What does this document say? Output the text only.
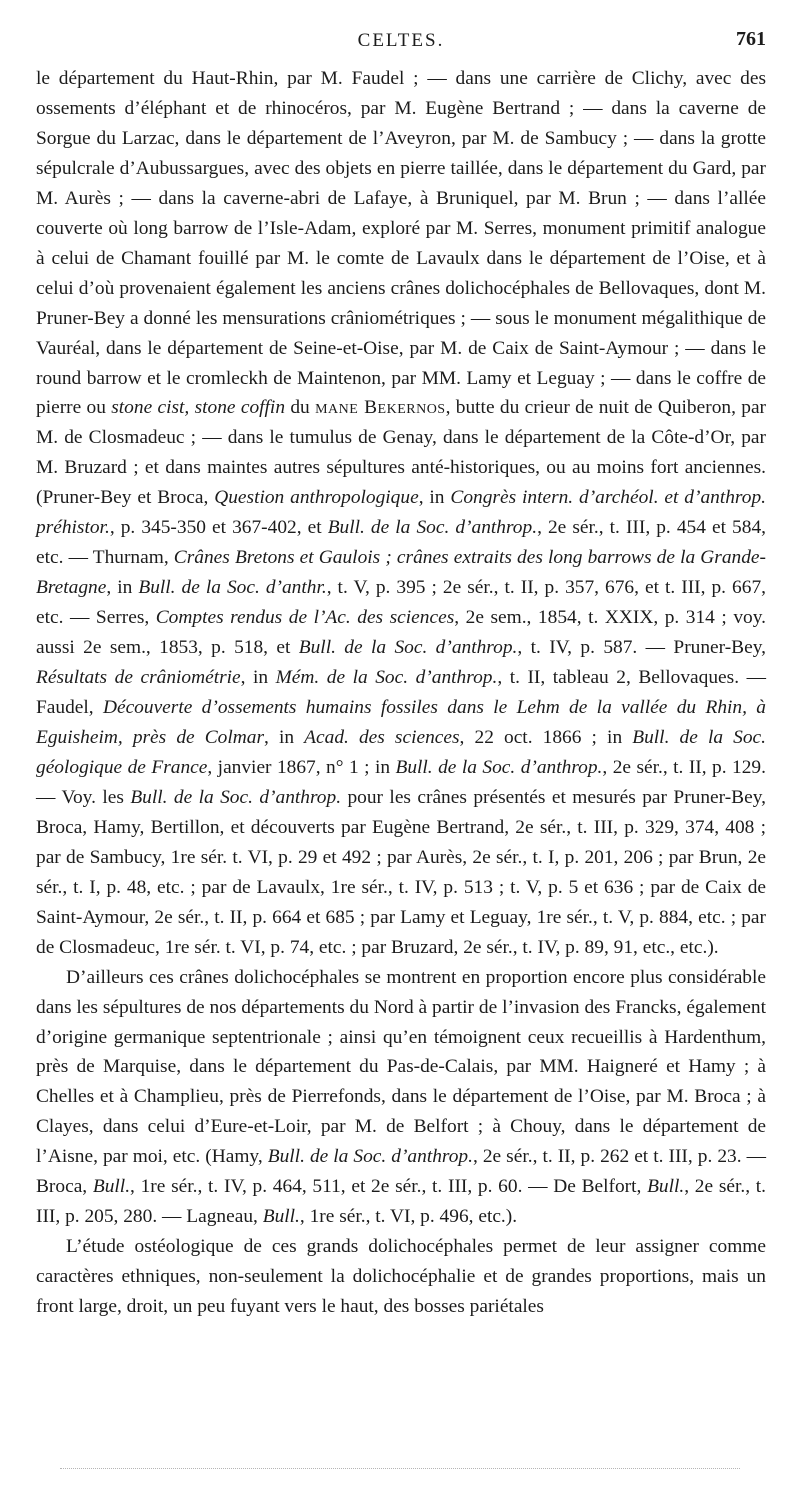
CELTES.	761

le département du Haut-Rhin, par M. Faudel ; — dans une carrière de Clichy, avec des ossements d’éléphant et de rhinocéros, par M. Eugène Bertrand ; — dans la caverne de Sorgue du Larzac, dans le département de l’Aveyron, par M. de Sambucy ; — dans la grotte sépulcrale d’Aubussargues, avec des objets en pierre taillée, dans le département du Gard, par M. Aurès ; — dans la caverne-abri de Lafaye, à Bruniquel, par M. Brun ; — dans l’allée couverte où long barrow de l’Isle-Adam, exploré par M. Serres, monument primitif analogue à celui de Chamant fouillé par M. le comte de Lavaulx dans le département de l’Oise, et à celui d’où provenaient également les anciens crânes dolichocéphales de Bellovaques, dont M. Pruner-Bey a donné les mensurations crâniométriques ; — sous le monument mégalithique de Vauréal, dans le département de Seine-et-Oise, par M. de Caix de Saint-Aymour ; — dans le round barrow et le cromleckh de Maintenon, par MM. Lamy et Leguay ; — dans le coffre de pierre ou stone cist, stone coffin du mane Bekernos, butte du crieur de nuit de Quiberon, par M. de Closmadeuc ; — dans le tumulus de Genay, dans le département de la Côte-d’Or, par M. Bruzard ; et dans maintes autres sépultures anté-historiques, ou au moins fort anciennes. (Pruner-Bey et Broca, Question anthropologique, in Congrès intern. d’archéol. et d’anthrop. préhistor., p. 345-350 et 367-402, et Bull. de la Soc. d’anthrop., 2e sér., t. III, p. 454 et 584, etc. — Thurnam, Crânes Bretons et Gaulois ; crânes extraits des long barrows de la Grande-Bretagne, in Bull. de la Soc. d’anthr., t. V, p. 395 ; 2e sér., t. II, p. 357, 676, et t. III, p. 667, etc. — Serres, Comptes rendus de l’Ac. des sciences, 2e sem., 1854, t. XXIX, p. 314 ; voy. aussi 2e sem., 1853, p. 518, et Bull. de la Soc. d’anthrop., t. IV, p. 587. — Pruner-Bey, Résultats de crâniométrie, in Mém. de la Soc. d’anthrop., t. II, tableau 2, Bellovaques. — Faudel, Découverte d’ossements humains fossiles dans le Lehm de la vallée du Rhin, à Eguisheim, près de Colmar, in Acad. des sciences, 22 oct. 1866 ; in Bull. de la Soc. géologique de France, janvier 1867, n° 1 ; in Bull. de la Soc. d’anthrop., 2e sér., t. II, p. 129. — Voy. les Bull. de la Soc. d’anthrop. pour les crânes présentés et mesurés par Pruner-Bey, Broca, Hamy, Bertillon, et découverts par Eugène Bertrand, 2e sér., t. III, p. 329, 374, 408 ; par de Sambucy, 1re sér. t. VI, p. 29 et 492 ; par Aurès, 2e sér., t. I, p. 201, 206 ; par Brun, 2e sér., t. I, p. 48, etc. ; par de Lavaulx, 1re sér., t. IV, p. 513 ; t. V, p. 5 et 636 ; par de Caix de Saint-Aymour, 2e sér., t. II, p. 664 et 685 ; par Lamy et Leguay, 1re sér., t. V, p. 884, etc. ; par de Closmadeuc, 1re sér. t. VI, p. 74, etc. ; par Bruzard, 2e sér., t. IV, p. 89, 91, etc., etc.).

D’ailleurs ces crânes dolichocéphales se montrent en proportion encore plus considérable dans les sépultures de nos départements du Nord à partir de l’invasion des Francks, également d’origine germanique septentrionale ; ainsi qu’en témoignent ceux recueillis à Hardenthum, près de Marquise, dans le département du Pas-de-Calais, par MM. Haigneré et Hamy ; à Chelles et à Champlieu, près de Pierrefonds, dans le département de l’Oise, par M. Broca ; à Clayes, dans celui d’Eure-et-Loir, par M. de Belfort ; à Chouy, dans le département de l’Aisne, par moi, etc. (Hamy, Bull. de la Soc. d’anthrop., 2e sér., t. II, p. 262 et t. III, p. 23. — Broca, Bull., 1re sér., t. IV, p. 464, 511, et 2e sér., t. III, p. 60. — De Belfort, Bull., 2e sér., t. III, p. 205, 280. — Lagneau, Bull., 1re sér., t. VI, p. 496, etc.).

L’étude ostéologique de ces grands dolichocéphales permet de leur assigner comme caractères ethniques, non-seulement la dolichocéphalie et de grandes proportions, mais un front large, droit, un peu fuyant vers le haut, des bosses pariétales
